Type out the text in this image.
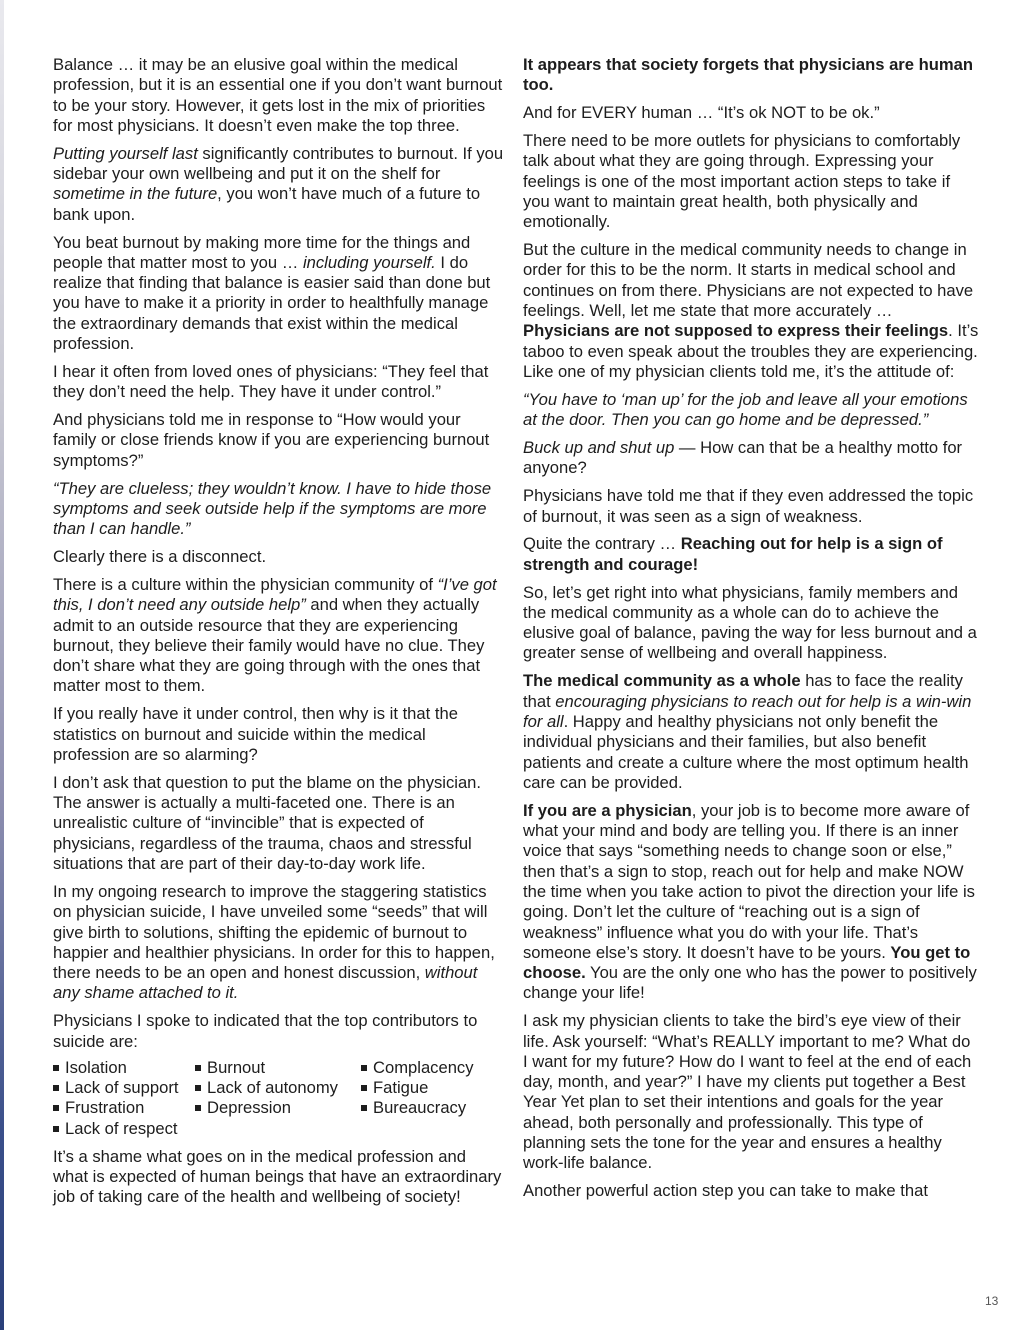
Balance … it may be an elusive goal within the medical profession, but it is an essential one if you don’t want burnout to be your story. However, it gets lost in the mix of priorities for most physicians. It doesn’t even make the top three.

Putting yourself last significantly contributes to burnout. If you sidebar your own wellbeing and put it on the shelf for sometime in the future, you won’t have much of a future to bank upon.

You beat burnout by making more time for the things and people that matter most to you … including yourself. I do realize that finding that balance is easier said than done but you have to make it a priority in order to healthfully manage the extraordinary demands that exist within the medical profession.

I hear it often from loved ones of physicians: “They feel that they don’t need the help. They have it under control.”

And physicians told me in response to “How would your family or close friends know if you are experiencing burnout symptoms?”

“They are clueless; they wouldn’t know. I have to hide those symptoms and seek outside help if the symptoms are more than I can handle.”

Clearly there is a disconnect.

There is a culture within the physician community of “I’ve got this, I don’t need any outside help” and when they actually admit to an outside resource that they are experiencing burnout, they believe their family would have no clue. They don’t share what they are going through with the ones that matter most to them.

If you really have it under control, then why is it that the statistics on burnout and suicide within the medical profession are so alarming?

I don’t ask that question to put the blame on the physician. The answer is actually a multi-faceted one. There is an unrealistic culture of “invincible” that is expected of physicians, regardless of the trauma, chaos and stressful situations that are part of their day-to-day work life.

In my ongoing research to improve the staggering statistics on physician suicide, I have unveiled some “seeds” that will give birth to solutions, shifting the epidemic of burnout to happier and healthier physicians. In order for this to happen, there needs to be an open and honest discussion, without any shame attached to it.

Physicians I spoke to indicated that the top contributors to suicide are:

Isolation	Burnout	Complacency
Lack of support	Lack of autonomy	Fatigue
Frustration	Depression	Bureaucracy
Lack of respect

It’s a shame what goes on in the medical profession and what is expected of human beings that have an extraordinary job of taking care of the health and wellbeing of society!

It appears that society forgets that physicians are human too.

And for EVERY human … “It’s ok NOT to be ok.”

There need to be more outlets for physicians to comfortably talk about what they are going through. Expressing your feelings is one of the most important action steps to take if you want to maintain great health, both physically and emotionally.

But the culture in the medical community needs to change in order for this to be the norm. It starts in medical school and continues on from there. Physicians are not expected to have feelings. Well, let me state that more accurately … Physicians are not supposed to express their feelings. It’s taboo to even speak about the troubles they are experiencing. Like one of my physician clients told me, it’s the attitude of:

“You have to ‘man up’ for the job and leave all your emotions at the door. Then you can go home and be depressed.”

Buck up and shut up — How can that be a healthy motto for anyone?

Physicians have told me that if they even addressed the topic of burnout, it was seen as a sign of weakness.

Quite the contrary … Reaching out for help is a sign of strength and courage!

So, let’s get right into what physicians, family members and the medical community as a whole can do to achieve the elusive goal of balance, paving the way for less burnout and a greater sense of wellbeing and overall happiness.

The medical community as a whole has to face the reality that encouraging physicians to reach out for help is a win-win for all. Happy and healthy physicians not only benefit the individual physicians and their families, but also benefit patients and create a culture where the most optimum health care can be provided.

If you are a physician, your job is to become more aware of what your mind and body are telling you. If there is an inner voice that says “something needs to change soon or else,” then that’s a sign to stop, reach out for help and make NOW the time when you take action to pivot the direction your life is going. Don’t let the culture of “reaching out is a sign of weakness” influence what you do with your life. That’s someone else’s story. It doesn’t have to be yours. You get to choose. You are the only one who has the power to positively change your life!

I ask my physician clients to take the bird’s eye view of their life. Ask yourself: “What’s REALLY important to me? What do I want for my future? How do I want to feel at the end of each day, month, and year?” I have my clients put together a Best Year Yet plan to set their intentions and goals for the year ahead, both personally and professionally. This type of planning sets the tone for the year and ensures a healthy work-life balance.

Another powerful action step you can take to make that

13
